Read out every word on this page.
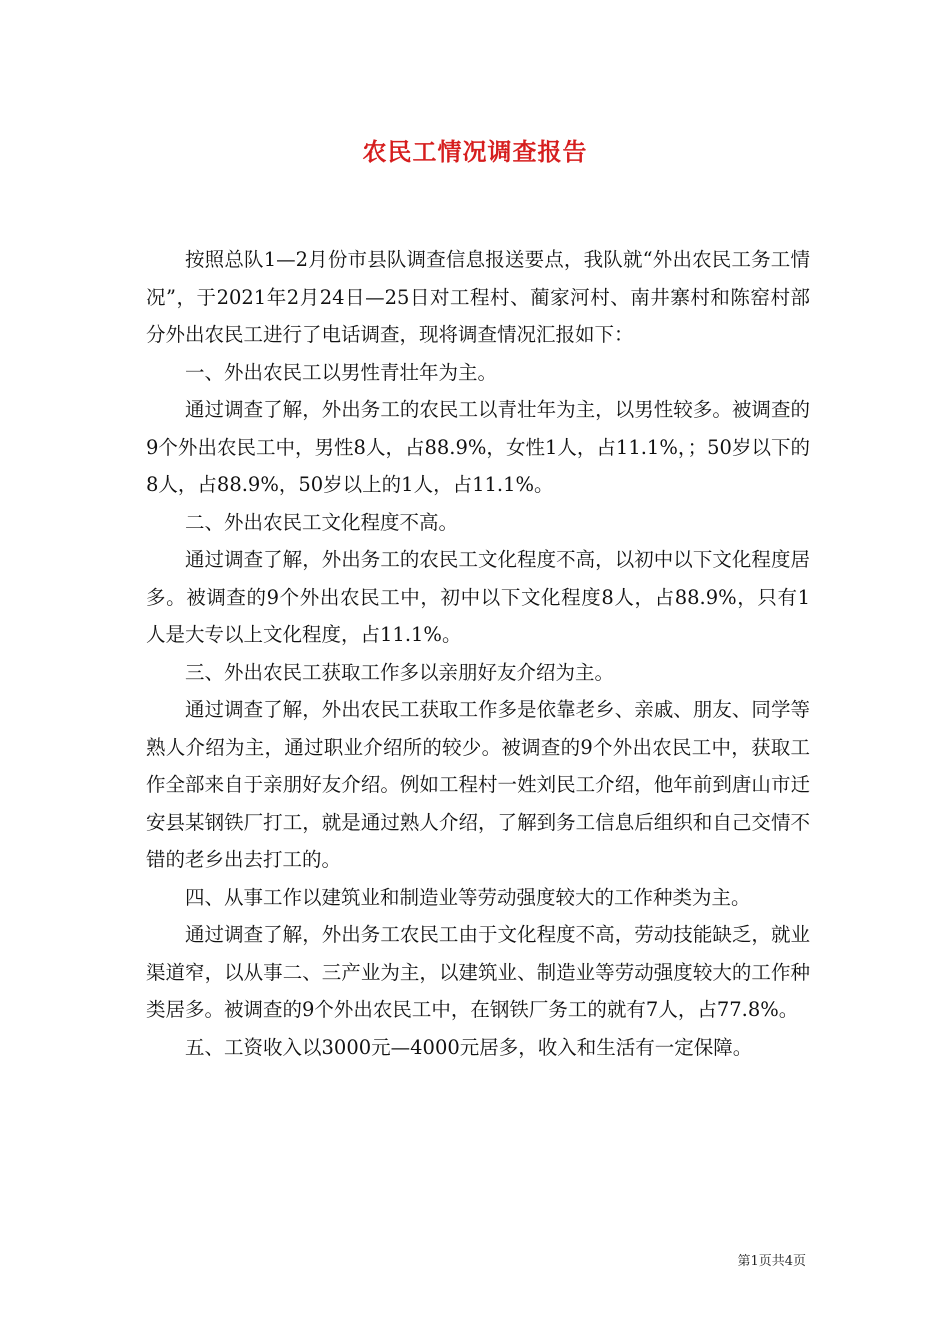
农民工情况调查报告

按照总队1—2月份市县队调查信息报送要点，我队就“外出农民工务工情况”，于2021年2月24日—25日对工程村、蔺家河村、南井寨村和陈窑村部分外出农民工进行了电话调查，现将调查情况汇报如下：

一、外出农民工以男性青壮年为主。

通过调查了解，外出务工的农民工以青壮年为主，以男性较多。被调查的9个外出农民工中，男性8人，占88.9%，女性1人，占11.1%，；50岁以下的8人，占88.9%，50岁以上的1人，占11.1%。

二、外出农民工文化程度不高。

通过调查了解，外出务工的农民工文化程度不高，以初中以下文化程度居多。被调查的9个外出农民工中，初中以下文化程度8人，占88.9%，只有1人是大专以上文化程度，占11.1%。

三、外出农民工获取工作多以亲朋好友介绍为主。

通过调查了解，外出农民工获取工作多是依靠老乡、亲戚、朋友、同学等熟人介绍为主，通过职业介绍所的较少。被调查的9个外出农民工中，获取工作全部来自于亲朋好友介绍。例如工程村一姓刘民工介绍，他年前到唐山市迁安县某钢铁厂打工，就是通过熟人介绍，了解到务工信息后组织和自己交情不错的老乡出去打工的。

四、从事工作以建筑业和制造业等劳动强度较大的工作种类为主。

通过调查了解，外出务工农民工由于文化程度不高，劳动技能缺乏，就业渠道窄，以从事二、三产业为主，以建筑业、制造业等劳动强度较大的工作种类居多。被调查的9个外出农民工中，在钢铁厂务工的就有7人，占77.8%。

五、工资收入以3000元—4000元居多，收入和生活有一定保障。

第1页共4页
